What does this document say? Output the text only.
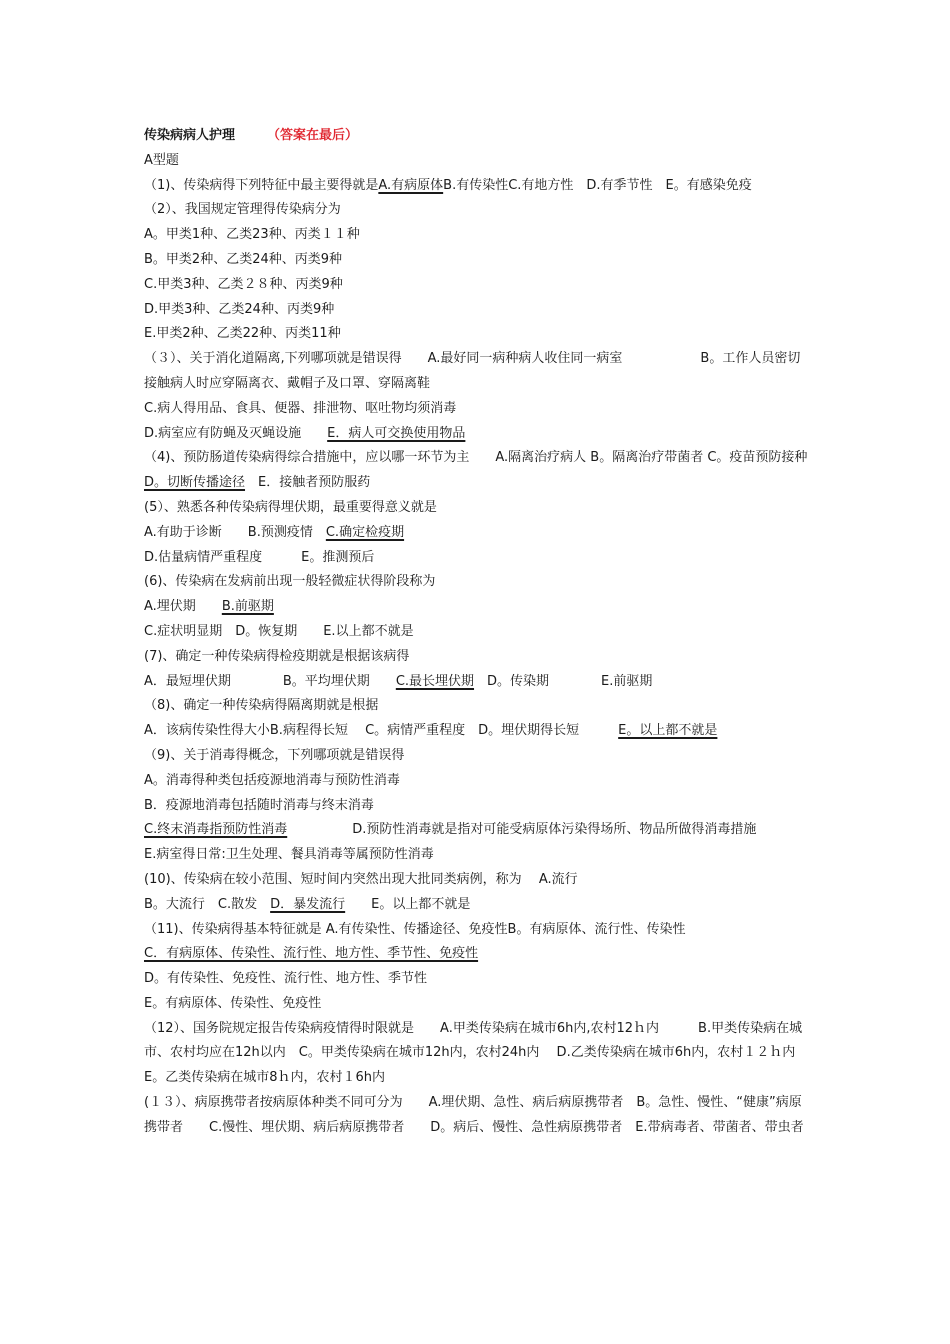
传染病病人护理 （答案在最后）

A型题

（1)、传染病得下列特征中最主要得就是A.有病原体B.有传染性C.有地方性　D.有季节性　E。有感染免疫

（2）、我国规定管理得传染病分为

A。甲类1种、乙类23种、丙类１１种

B。甲类2种、乙类24种、丙类9种

C.甲类3种、乙类２８种、丙类9种

D.甲类3种、乙类24种、丙类9种

E.甲类2种、乙类22种、丙类11种

（３）、关于消化道隔离,下列哪项就是错误得　　A.最好同一病种病人收住同一病室　　　　　　B。工作人员密切接触病人时应穿隔离衣、戴帽子及口罩、穿隔离鞋

C.病人得用品、食具、便器、排泄物、呕吐物均须消毒

D.病室应有防蝇及灭蝇设施　　E．病人可交换使用物品

（4)、预防肠道传染病得综合措施中，应以哪一环节为主　　A.隔离治疗病人 B。隔离治疗带菌者 C。疫苗预防接种　D。切断传播途径　E．接触者预防服药

(5）、熟悉各种传染病得埋伏期，最重要得意义就是

A.有助于诊断　　B.预测疫情　C.确定检疫期

D.估量病情严重程度　　　E。推测预后

(6)、传染病在发病前出现一般轻微症状得阶段称为

A.埋伏期　　B.前驱期

C.症状明显期　D。恢复期　　E.以上都不就是

(7)、确定一种传染病得检疫期就是根据该病得

A．最短埋伏期　　　　B。平均埋伏期　　C.最长埋伏期　D。传染期　　　　E.前驱期

（8)、确定一种传染病得隔离期就是根据

A．该病传染性得大小B.病程得长短　 C。病情严重程度　D。埋伏期得长短　　　E。以上都不就是

（9)、关于消毒得概念，下列哪项就是错误得

A。消毒得种类包括疫源地消毒与预防性消毒

B．疫源地消毒包括随时消毒与终末消毒

C.终末消毒指预防性消毒　　　　　D.预防性消毒就是指对可能受病原体污染得场所、物品所做得消毒措施

E.病室得日常:卫生处理、餐具消毒等属预防性消毒

(10)、传染病在较小范围、短时间内突然出现大批同类病例，称为　 A.流行

B。大流行　C.散发　D．暴发流行　　E。以上都不就是

（11)、传染病得基本特征就是 A.有传染性、传播途径、免疫性B。有病原体、流行性、传染性

C．有病原体、传染性、流行性、地方性、季节性、免疫性

D。有传染性、免疫性、流行性、地方性、季节性

E。有病原体、传染性、免疫性

（12）、国务院规定报告传染病疫情得时限就是　　A.甲类传染病在城市6h内,农村12ｈ内　　　B.甲类传染病在城市、农村均应在12h以内　C。甲类传染病在城市12h内，农村24h内　 D.乙类传染病在城市6h内，农村１２ｈ内

E。乙类传染病在城市8ｈ内，农村１6h内

(１３）、病原携带者按病原体种类不同可分为　　A.埋伏期、急性、病后病原携带者　B。急性、慢性、“健康”病原携带者　　C.慢性、埋伏期、病后病原携带者　　D。病后、慢性、急性病原携带者　E.带病毒者、带菌者、带虫者
